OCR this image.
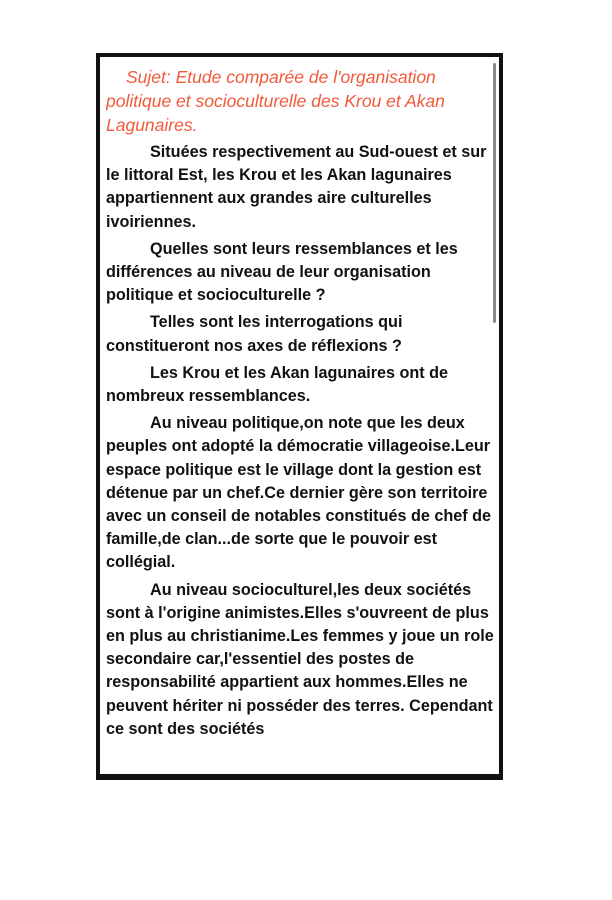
Sujet: Etude comparée de l'organisation politique et socioculturelle des Krou et Akan Lagunaires.

Situées respectivement au Sud-ouest et sur le littoral Est, les Krou et les Akan lagunaires appartiennent aux grandes aire culturelles ivoiriennes.

Quelles sont leurs ressemblances et les différences au niveau de leur organisation politique et socioculturelle ?

Telles sont les interrogations qui constitueront nos axes de réflexions ?

Les Krou et les Akan lagunaires ont de nombreux ressemblances.

Au niveau politique,on note que les deux peuples ont adopté la démocratie villageoise.Leur espace politique est le village dont la gestion est détenue par un chef.Ce dernier gère son territoire avec un conseil de notables constitués de chef de famille,de clan...de sorte que le pouvoir est collégial.

Au niveau socioculturel,les deux sociétés sont à l'origine animistes.Elles s'ouvreent de plus en plus au christianime.Les femmes y joue un role secondaire car,l'essentiel des postes de responsabilité appartient aux hommes.Elles ne peuvent hériter ni posséder des terres. Cependant ce sont des sociétés
